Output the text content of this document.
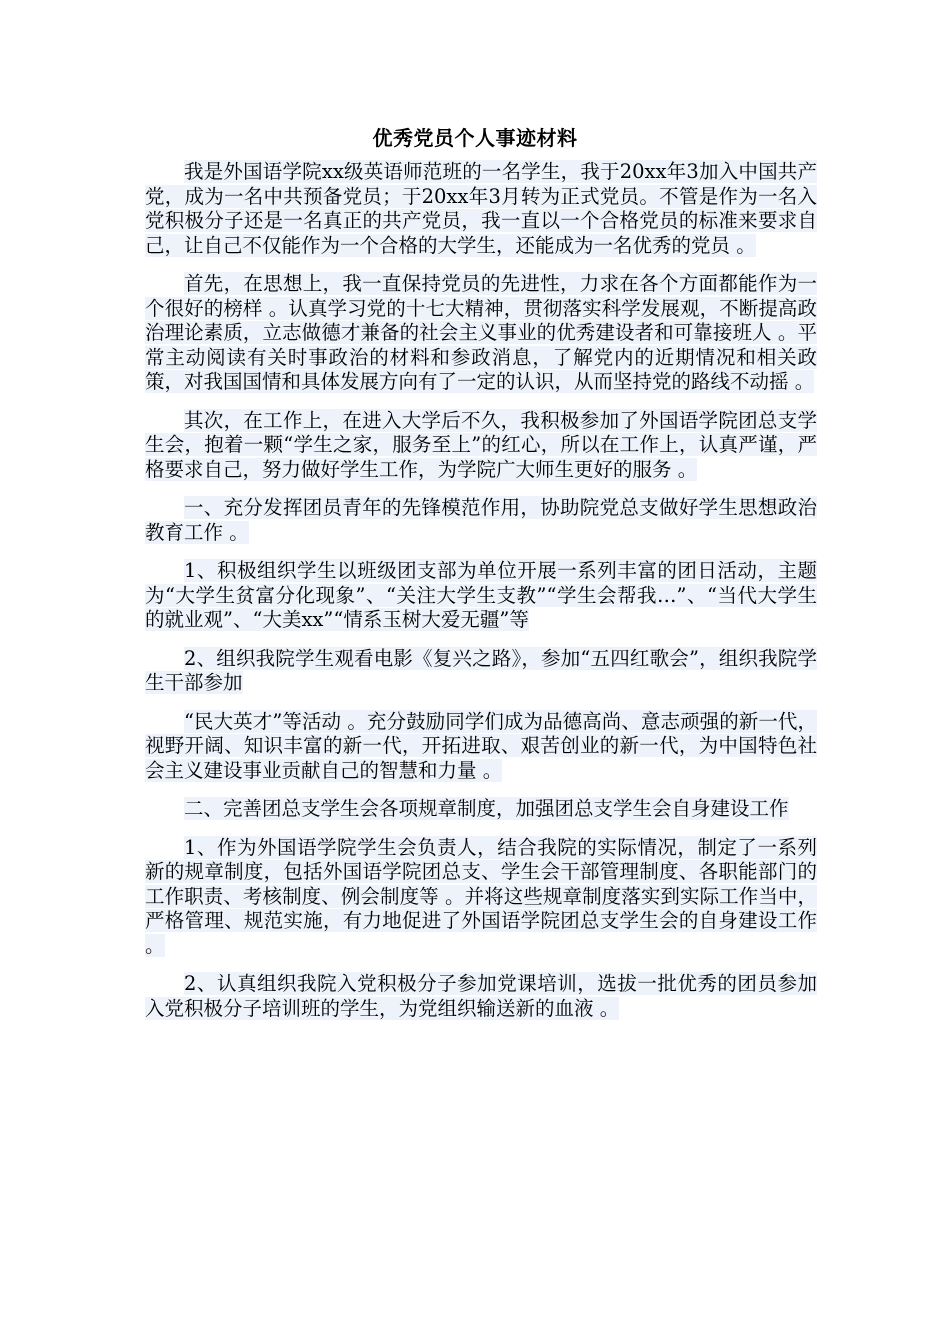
优秀党员个人事迹材料

我是外国语学院xx级英语师范班的一名学生，我于20xx年3加入中国共产党，成为一名中共预备党员；于20xx年3月转为正式党员。不管是作为一名入党积极分子还是一名真正的共产党员，我一直以一个合格党员的标准来要求自己，让自己不仅能作为一个合格的大学生，还能成为一名优秀的党员 。

首先，在思想上，我一直保持党员的先进性，力求在各个方面都能作为一个很好的榜样 。认真学习党的十七大精神，贯彻落实科学发展观，不断提高政治理论素质，立志做德才兼备的社会主义事业的优秀建设者和可靠接班人 。平常主动阅读有关时事政治的材料和参政消息，了解党内的近期情况和相关政策，对我国国情和具体发展方向有了一定的认识，从而坚持党的路线不动摇 。

其次，在工作上，在进入大学后不久，我积极参加了外国语学院团总支学生会，抱着一颗“学生之家，服务至上”的红心，所以在工作上，认真严谨，严格要求自己，努力做好学生工作，为学院广大师生更好的服务 。

一、充分发挥团员青年的先锋模范作用，协助院党总支做好学生思想政治教育工作 。

1、积极组织学生以班级团支部为单位开展一系列丰富的团日活动，主题为“大学生贫富分化现象”、“关注大学生支教”“学生会帮我…”、“当代大学生的就业观”、“大美xx”“情系玉树大爱无疆”等

2、组织我院学生观看电影《复兴之路》，参加“五四红歌会”，组织我院学生干部参加

“民大英才”等活动 。充分鼓励同学们成为品德高尚、意志顽强的新一代，视野开阔、知识丰富的新一代，开拓进取、艰苦创业的新一代，为中国特色社会主义建设事业贡献自己的智慧和力量 。

二、完善团总支学生会各项规章制度，加强团总支学生会自身建设工作

1、作为外国语学院学生会负责人，结合我院的实际情况，制定了一系列新的规章制度，包括外国语学院团总支、学生会干部管理制度、各职能部门的工作职责、考核制度、例会制度等 。并将这些规章制度落实到实际工作当中，严格管理、规范实施，有力地促进了外国语学院团总支学生会的自身建设工作 。

2、认真组织我院入党积极分子参加党课培训，选拔一批优秀的团员参加入党积极分子培训班的学生，为党组织输送新的血液 。
